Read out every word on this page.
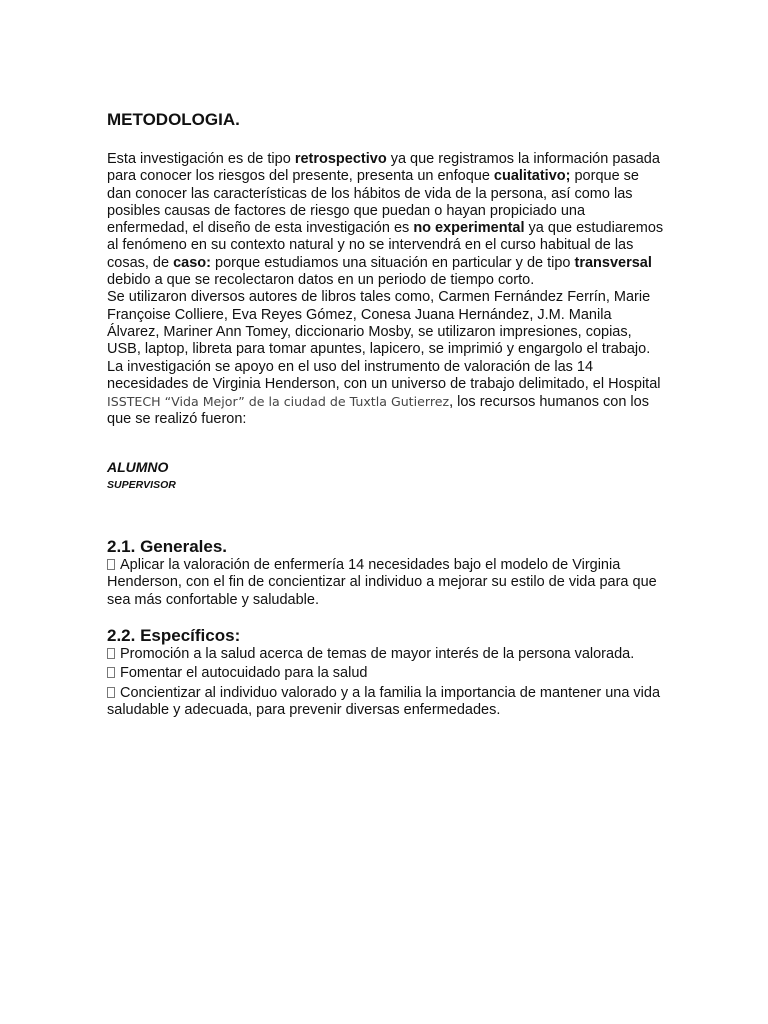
METODOLOGIA.
Esta investigación es de tipo retrospectivo ya que registramos la información pasada para conocer los riesgos del presente, presenta un enfoque cualitativo; porque se dan conocer las características de los hábitos de vida de la persona, así como las posibles causas de factores de riesgo que puedan o hayan propiciado una enfermedad, el diseño de esta investigación es no experimental ya que estudiaremos al fenómeno en su contexto natural y no se intervendrá en el curso habitual de las cosas, de caso: porque estudiamos una situación en particular y de tipo transversal debido a que se recolectaron datos en un periodo de tiempo corto.
Se utilizaron diversos autores de libros tales como, Carmen Fernández Ferrín, Marie Françoise Colliere, Eva Reyes Gómez, Conesa Juana Hernández, J.M. Manila Álvarez, Mariner Ann Tomey, diccionario Mosby, se utilizaron impresiones, copias, USB, laptop, libreta para tomar apuntes, lapicero, se imprimió y engargolo el trabajo.
La investigación se apoyo en el uso del instrumento de valoración de las 14 necesidades de Virginia Henderson, con un universo de trabajo delimitado, el Hospital ISSTECH “Vida Mejor” de la ciudad de Tuxtla Gutierrez, los recursos humanos con los que se realizó fueron:
ALUMNO
SUPERVISOR
2.1. Generales.
Aplicar la valoración de enfermería 14 necesidades bajo el modelo de Virginia Henderson, con el fin de concientizar al individuo a mejorar su estilo de vida para que sea más confortable y saludable.
2.2. Específicos:
Promoción a la salud acerca de temas de mayor interés de la persona valorada.
Fomentar el autocuidado para la salud
Concientizar al individuo valorado y a la familia la importancia de mantener una vida saludable y adecuada, para prevenir diversas enfermedades.
